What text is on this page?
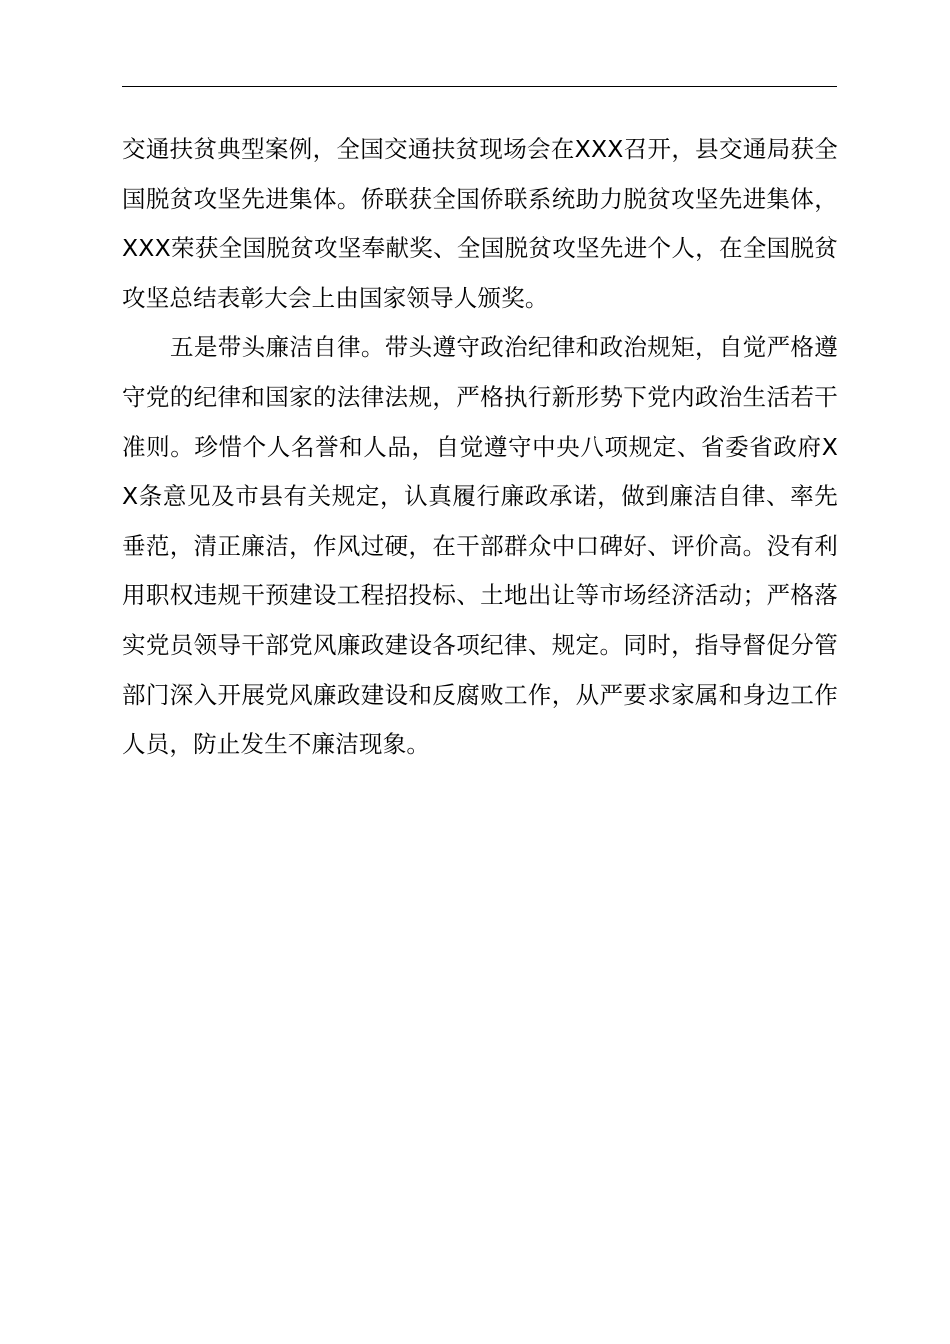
交通扶贫典型案例，全国交通扶贫现场会在XXX召开，县交通局获全国脱贫攻坚先进集体。侨联获全国侨联系统助力脱贫攻坚先进集体，XXX荣获全国脱贫攻坚奉献奖、全国脱贫攻坚先进个人，在全国脱贫攻坚总结表彰大会上由国家领导人颁奖。

五是带头廉洁自律。带头遵守政治纪律和政治规矩，自觉严格遵守党的纪律和国家的法律法规，严格执行新形势下党内政治生活若干准则。珍惜个人名誉和人品，自觉遵守中央八项规定、省委省政府XX条意见及市县有关规定，认真履行廉政承诺，做到廉洁自律、率先垂范，清正廉洁，作风过硬，在干部群众中口碑好、评价高。没有利用职权违规干预建设工程招投标、土地出让等市场经济活动；严格落实党员领导干部党风廉政建设各项纪律、规定。同时，指导督促分管部门深入开展党风廉政建设和反腐败工作，从严要求家属和身边工作人员，防止发生不廉洁现象。
